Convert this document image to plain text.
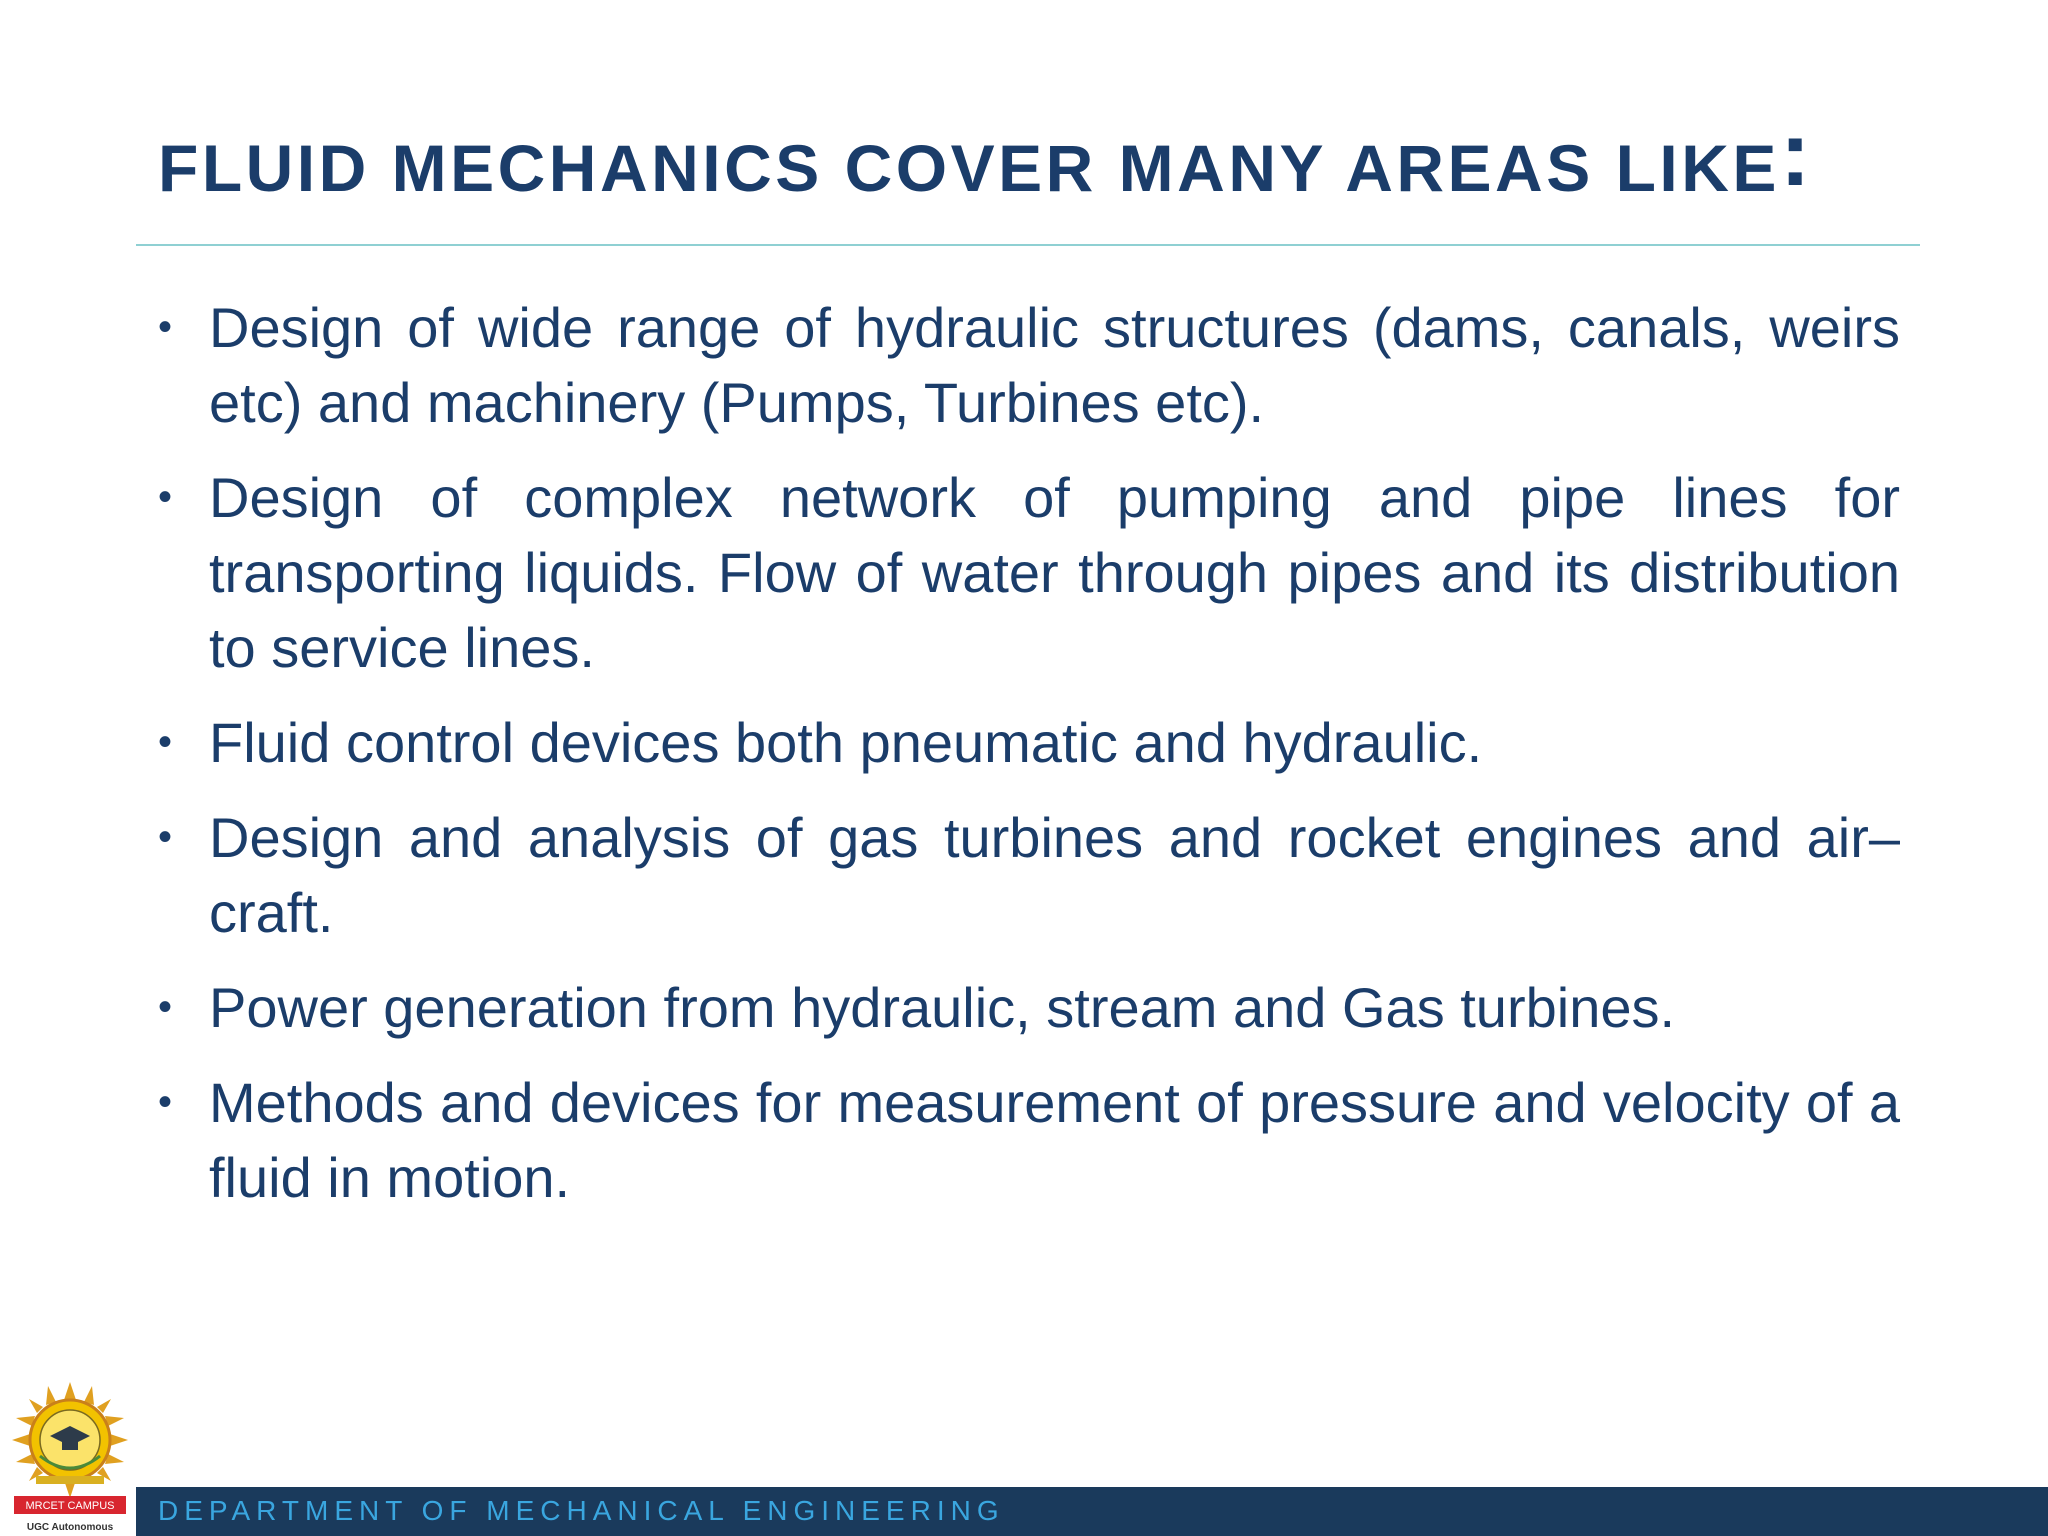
FLUID MECHANICS COVER MANY AREAS LIKE:
• Design of wide range of hydraulic structures (dams, canals, weirs etc) and machinery (Pumps, Turbines etc).
• Design of complex network of pumping and pipe lines for transporting liquids. Flow of water through pipes and its distribution to service lines.
• Fluid control devices both pneumatic and hydraulic.
• Design and analysis of gas turbines and rocket engines and air–craft.
• Power generation from hydraulic, stream and Gas turbines.
• Methods and devices for measurement of pressure and velocity of a fluid in motion.
MRCET CAMPUS
UGC Autonomous
DEPARTMENT OF MECHANICAL ENGINEERING
